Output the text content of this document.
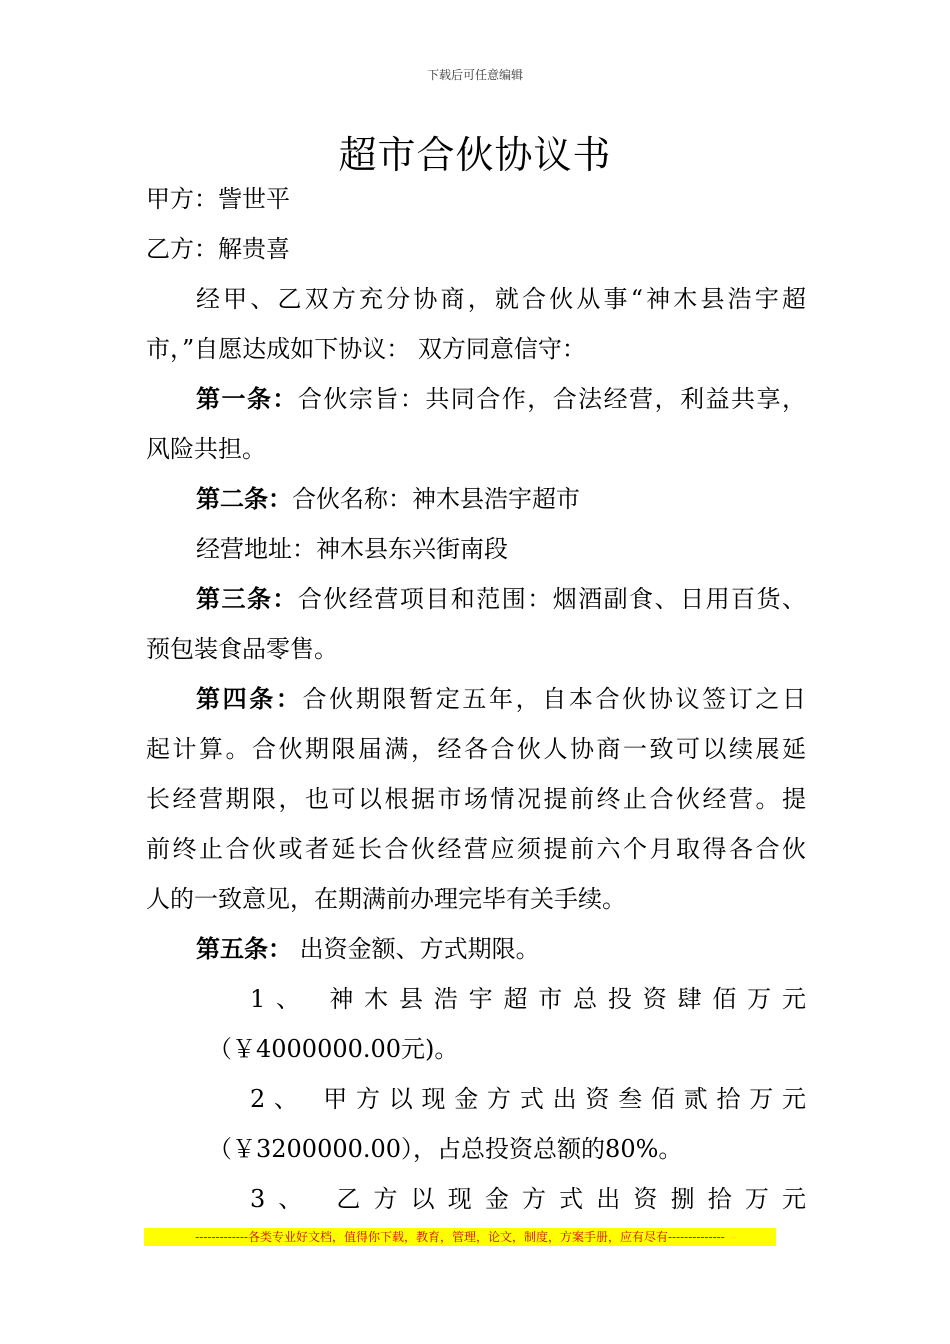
下载后可任意编辑
超市合伙协议书
甲方：訾世平
乙方：解贵喜
经甲、乙双方充分协商，就合伙从事“神木县浩宇超
市，”自愿达成如下协议： 双方同意信守：
第一条：合伙宗旨：共同合作，合法经营，利益共享，
风险共担。
第二条：合伙名称：神木县浩宇超市
经营地址：神木县东兴街南段
第三条：合伙经营项目和范围：烟酒副食、日用百货、
预包装食品零售。
第四条：合伙期限暂定五年，自本合伙协议签订之日
起计算。合伙期限届满，经各合伙人协商一致可以续展延
长经营期限，也可以根据市场情况提前终止合伙经营。提
前终止合伙或者延长合伙经营应须提前六个月取得各合伙
人的一致意见，在期满前办理完毕有关手续。
第五条： 出资金额、方式期限。
1、 神木县浩宇超市总投资肆佰万元
（￥4000000.00元)。
2、 甲方以现金方式出资叁佰贰拾万元
（￥3200000.00），占总投资总额的80%。
3、 乙方以现金方式出资捌拾万元
-------------各类专业好文档，值得你下载，教育，管理，论文，制度，方案手册，应有尽有--------------
